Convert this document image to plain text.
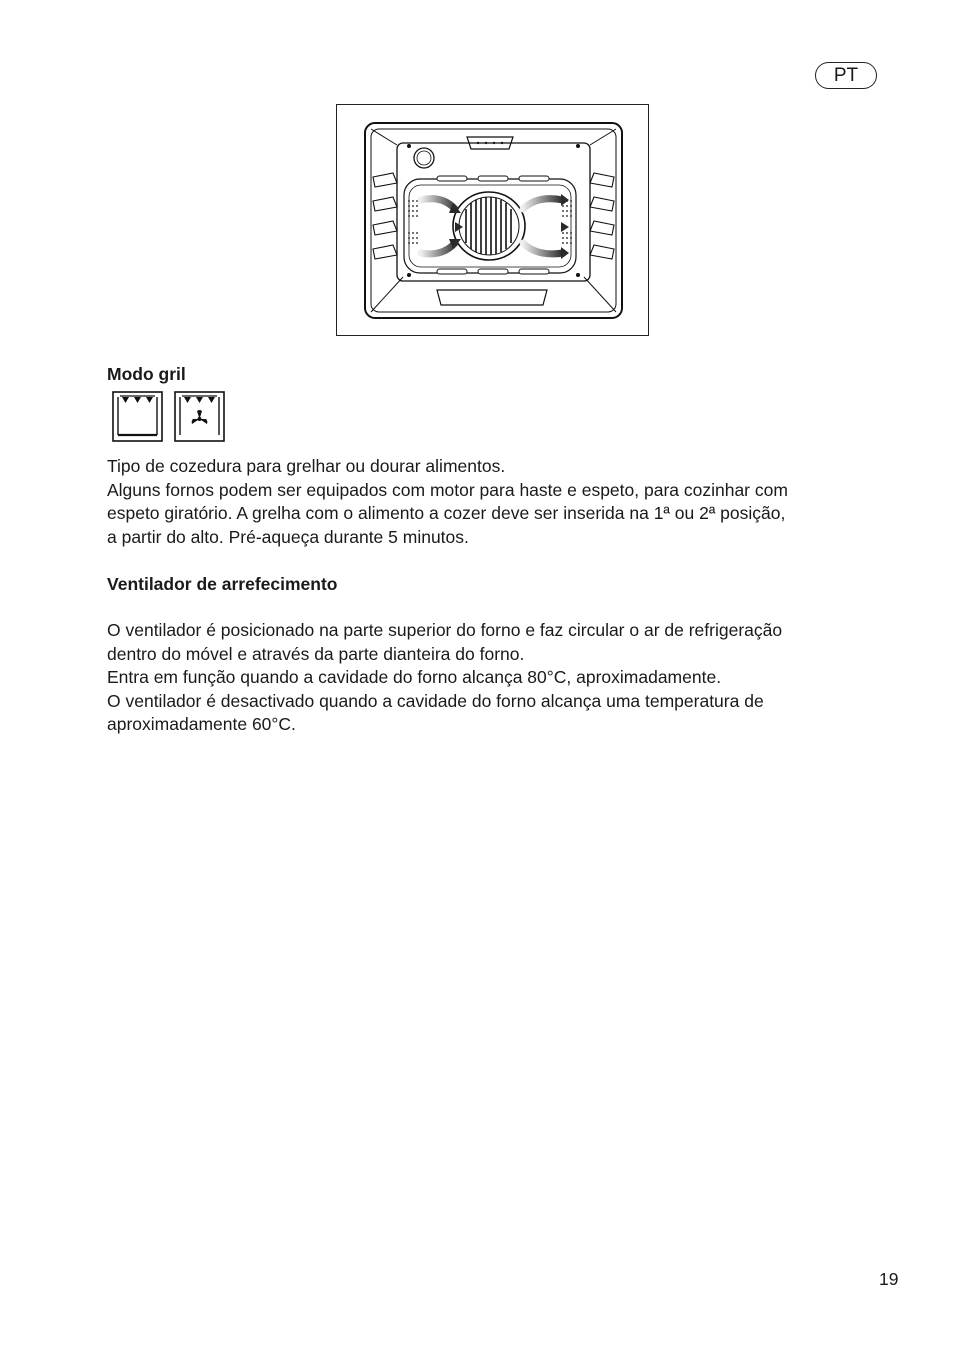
PT
Modo gril

Tipo de cozedura para grelhar ou dourar alimentos.
Alguns fornos podem ser equipados com motor para haste e espeto, para cozinhar com
espeto giratório. A grelha com o alimento a cozer deve ser inserida na 1ª ou 2ª posição,
a partir do alto. Pré-aqueça durante 5 minutos.

Ventilador de arrefecimento

O ventilador é posicionado na parte superior do forno e faz circular o ar de refrigeração
dentro do móvel e através da parte dianteira do forno.
Entra em função quando a cavidade do forno alcança 80°C, aproximadamente.
O ventilador é desactivado quando a cavidade do forno alcança uma temperatura de
aproximadamente 60°C.

19
